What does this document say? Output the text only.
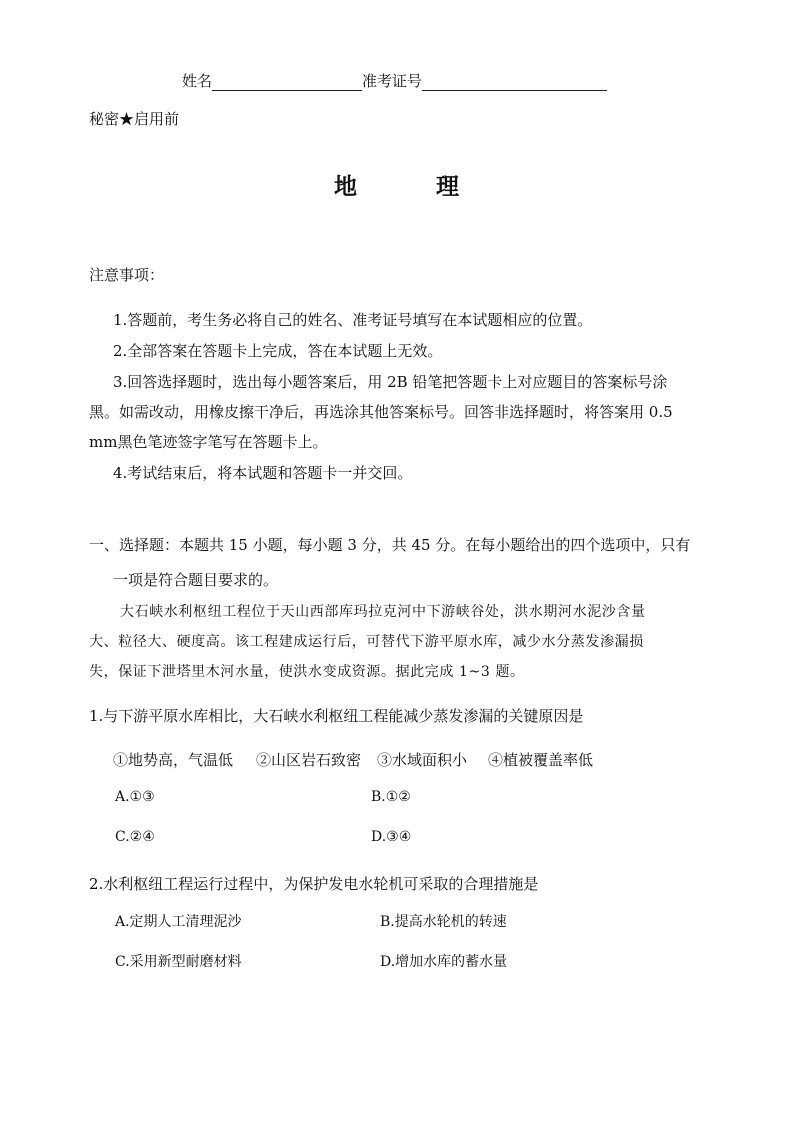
姓名	准考证号
秘密★启用前
地　理
注意事项：
1.答题前，考生务必将自己的姓名、准考证号填写在本试题相应的位置。
2.全部答案在答题卡上完成，答在本试题上无效。
3.回答选择题时，选出每小题答案后，用 2B 铅笔把答题卡上对应题目的答案标号涂
黑。如需改动，用橡皮擦干净后，再选涂其他答案标号。回答非选择题时，将答案用 0.5
mm黑色笔迹签字笔写在答题卡上。
4.考试结束后，将本试题和答题卡一并交回。
一、选择题：本题共 15 小题，每小题 3 分，共 45 分。在每小题给出的四个选项中，只有
一项是符合题目要求的。
大石峡水利枢纽工程位于天山西部库玛拉克河中下游峡谷处，洪水期河水泥沙含量
大、粒径大、硬度高。该工程建成运行后，可替代下游平原水库，减少水分蒸发渗漏损
失，保证下泄塔里木河水量，使洪水变成资源。据此完成 1~3 题。
1.与下游平原水库相比，大石峡水利枢纽工程能减少蒸发渗漏的关键原因是
①地势高，气温低 ②山区岩石致密 ③水域面积小 ④植被覆盖率低
A.①③	B.①②
C.②④	D.③④
2.水利枢纽工程运行过程中，为保护发电水轮机可采取的合理措施是
A.定期人工清理泥沙	B.提高水轮机的转速
C.采用新型耐磨材料	D.增加水库的蓄水量
